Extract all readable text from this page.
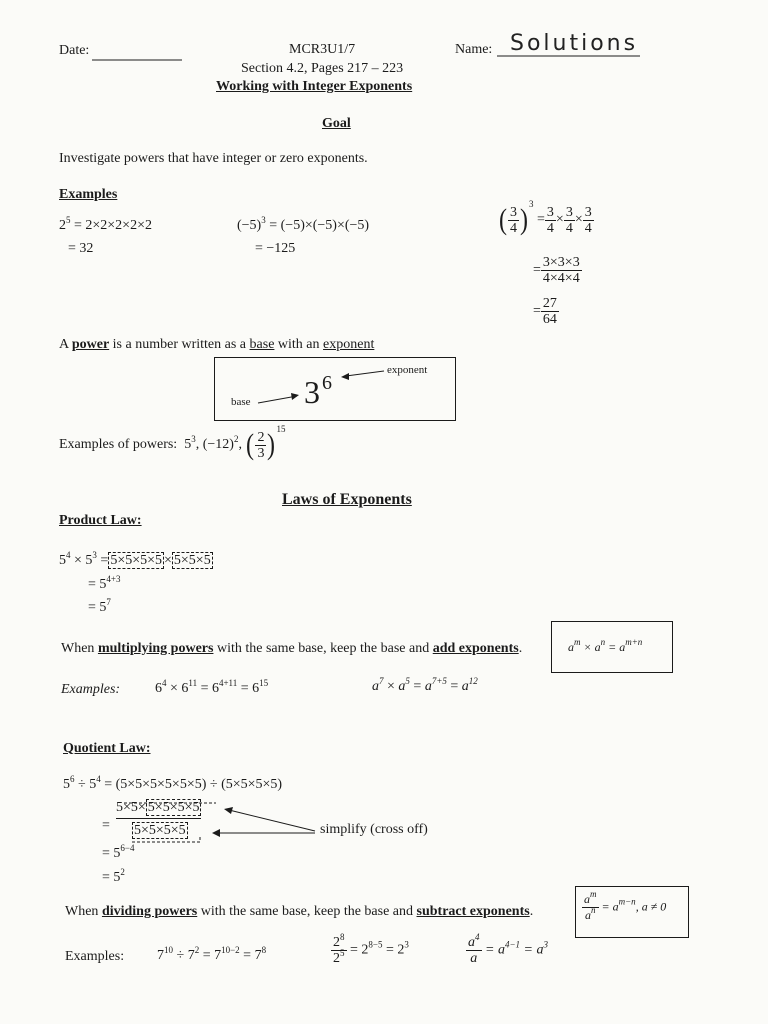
Date:	MCR3U1/7
Section 4.2, Pages 217 – 223
Working with Integer Exponents
Name: Solutions
Goal
Investigate powers that have integer or zero exponents.
Examples
$2^5 = 2\times 2\times 2\times 2\times 2$
= 32
$(-5)^3 = (-5)\times(-5)\times(-5)$
= −125
( $\frac{3}{4} )^3 = \frac{3}{4} \times \frac{3}{4} \times \frac{3}{4}$
= $\frac{3\times 3\times 3}{4\times 4\times 4}$
= $\frac{27}{64}$
A power is a number written as a base with an exponent
base
exponent
3 $^6$
Examples of powers: $5^3$, $(-12)^2$, ( $\frac{2}{3} )^{15}$
Laws of Exponents
Product Law:
$5^4 \times 5^3 = 5\times 5\times 5\times 5 \times 5\times 5\times 5$
= $5^{4+3}$
= $5^7$
When multiplying powers with the same base, keep the base and add exponents.	$a^m \times a^n = a^{m+n}$
Examples: $6^4 \times 6^{11} = 6^{4+11} = 6^{15}$	$a^7 \times a^5 = a^{7+5} = a^{12}$
Quotient Law:
$5^6 \div 5^4 = (5\times 5\times 5\times 5\times 5\times 5) \div (5\times 5\times 5\times 5)$
=
5×5× 5×5×5×5
5×5×5×5	simplify (cross off)
= $5^{6-4}$
= $5^2$
When dividing powers with the same base, keep the base and subtract exponents.	$\frac{a^m}{a^n} = a^{m-n}$, a ≠ 0
Examples: $7^{10} \div 7^2 = 7^{10-2} = 7^8$	$\frac{2^8}{2^5} = 2^{8-5} = 2^3$	$\frac{a^4}{a} = a^{4-1} = a^3$
